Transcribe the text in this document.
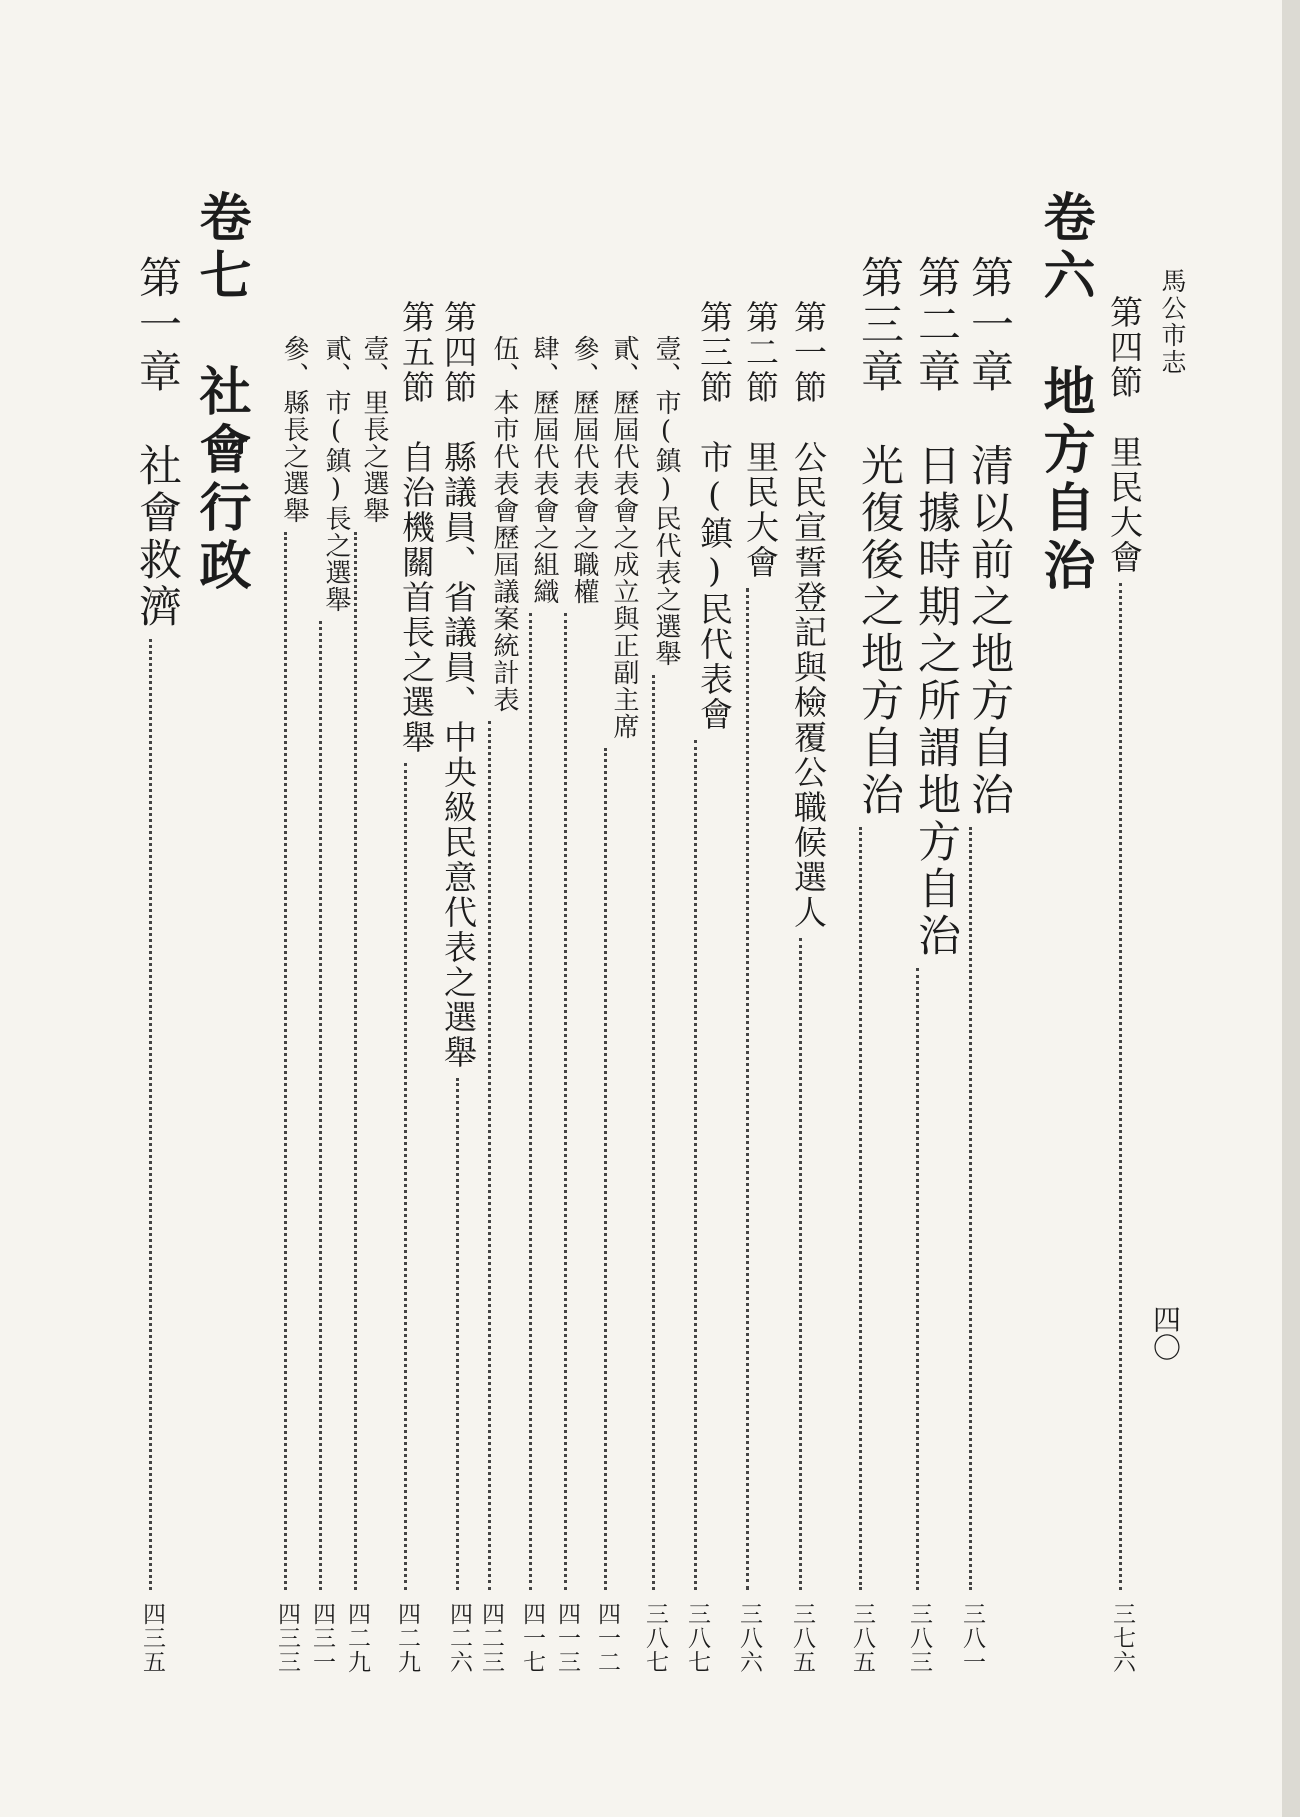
馬公市志
四〇
第四節　里民大會
三七六
卷六　地方自治
第一章　清以前之地方自治
三八一
第二章　日據時期之所謂地方自治
三八三
第三章　光復後之地方自治
三八五
第一節　公民宣誓登記與檢覆公職候選人
三八五
第二節　里民大會
三八六
第三節　市(鎮)民代表會
三八七
壹、市(鎮)民代表之選舉
三八七
貳、歷屆代表會之成立與正副主席
四一二
參、歷屆代表會之職權
四一三
肆、歷屆代表會之組織
四一七
伍、本市代表會歷屆議案統計表
四二三
第四節　縣議員、省議員、中央級民意代表之選舉
四二六
第五節　自治機關首長之選舉
四二九
壹、里長之選舉
四二九
貳、市(鎮)長之選舉
四三一
參、縣長之選舉
四三三
卷七　社會行政
第一章　社會救濟
四三五
